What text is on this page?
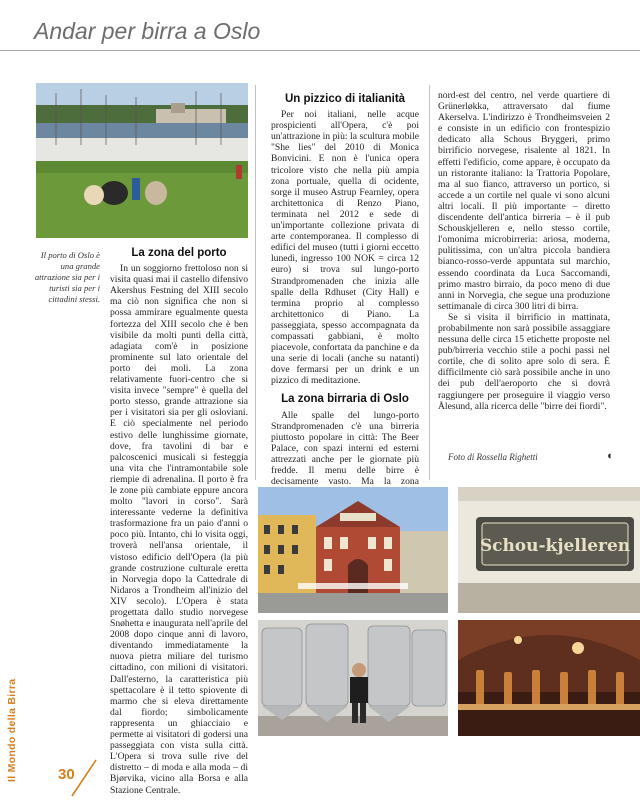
Andar per birra a Oslo
Il porto di Oslo è una grande attrazione sia per i turisti sia per i cittadini stessi.
La zona del porto

In un soggiorno frettoloso non si visita quasi mai il castello difensivo Akershus Festning del XIII secolo ma ciò non significa che non si possa ammirare egualmente questa fortezza del XIII secolo che è ben visibile da molti punti della città, adagiata com'è in posizione prominente sul lato orientale del porto dei moli. La zona relativamente fuori-centro che si visita invece "sempre" è quella del porto stesso, grande attrazione sia per i visitatori sia per gli osloviani. E ciò specialmente nel periodo estivo delle lunghissime giornate, dove, fra tavolini di bar e palcoscenici musicali si festeggia una vita che l'intramontabile sole riempie di adrenalina. Il porto è fra le zone più cambiate eppure ancora molto "lavori in corso". Sarà interessante vederne la definitiva trasformazione fra un paio d'anni o poco più. Intanto, chi lo visita oggi, troverà nell'ansa orientale, il vistoso edificio dell'Opera (la più grande costruzione culturale eretta in Norvegia dopo la Cattedrale di Nidaros a Trondheim all'inizio del XIV secolo). L'Opera è stata progettata dallo studio norvegese Snøhetta e inaugurata nell'aprile del 2008 dopo cinque anni di lavoro, diventando immediatamente la nuova pietra miliare del turismo cittadino, con milioni di visitatori. Dall'esterno, la caratteristica più spettacolare è il tetto spiovente di marmo che si eleva direttamente dal fiordo; simbolicamente rappresenta un ghiacciaio e permette ai visitatori di godersi una passeggiata con vista sulla città. L'Opera si trova sulle rive del distretto – di moda e alla moda – di Bjørvika, vicino alla Borsa e alla Stazione Centrale.

Un pizzico di italianità

Per noi italiani, nelle acque prospicienti all'Opera, c'è poi un'attrazione in più: la scultura mobile "She lies" del 2010 di Monica Bonvicini. E non è l'unica opera tricolore visto che nella più ampia zona portuale, quella di ocidente, sorge il museo Astrup Fearnley, opera architettonica di Renzo Piano, terminata nel 2012 e sede di un'importante collezione privata di arte contemporanea. Il complesso di edifici del museo (tutti i giorni eccetto lunedì, ingresso 100 NOK = circa 12 euro) si trova sul lungo-porto Strandpromenaden che inizia alle spalle della Rdhuset (City Hall) e termina proprio al complesso architettonico di Piano. La passeggiata, spesso accompagnata da compassati gabbiani, è molto piacevole, confortata da panchine e da una serie di locali (anche su natanti) dove fermarsi per un drink e un pizzico di meditazione.

La zona birraria di Oslo

Alle spalle del lungo-porto Strandpromenaden c'è una birreria piuttosto popolare in città: The Beer Palace, con spazi interni ed esterni attrezzati anche per le giornate più fredde. Il menu delle birre è decisamente vasto. Ma la zona

nord-est del centro, nel verde quartiere di Grünerløkka, attraversato dal fiume Akerselva. L'indirizzo è Trondheimsveien 2 e consiste in un edificio con frontespizio dedicato alla Schous Bryggeri, primo birrificio norvegese, risalente al 1821. In effetti l'edificio, come appare, è occupato da un ristorante italiano: la Trattoria Popolare, ma al suo fianco, attraverso un portico, si accede a un cortile nel quale vi sono alcuni altri locali. Il più importante – diretto discendente dell'antica birreria – è il pub Schouskjelleren e, nello stesso cortile, l'omonima microbirreria: ariosa, moderna, pulitissima, con un'altra piccola bandiera bianco-rosso-verde appuntata sul marchio, essendo coordinata da Luca Saccomandi, primo mastro birraio, da poco meno di due anni in Norvegia, che segue una produzione settimanale di circa 300 litri di birra.

Se si visita il birrificio in mattinata, probabilmente non sarà possibile assaggiare nessuna delle circa 15 etichette proposte nel pub/birreria vecchio stile a pochi passi nel cortile, che di solito apre solo di sera. È difficilmente ciò sarà possibile anche in uno dei pub dell'aeroporto che si dovrà raggiungere per proseguire il viaggio verso Ålesund, alla ricerca delle "birre dei fiordi".

Foto di Rossella Righetti	◖
Schou-kjelleren
Il Mondo della Birra	30
